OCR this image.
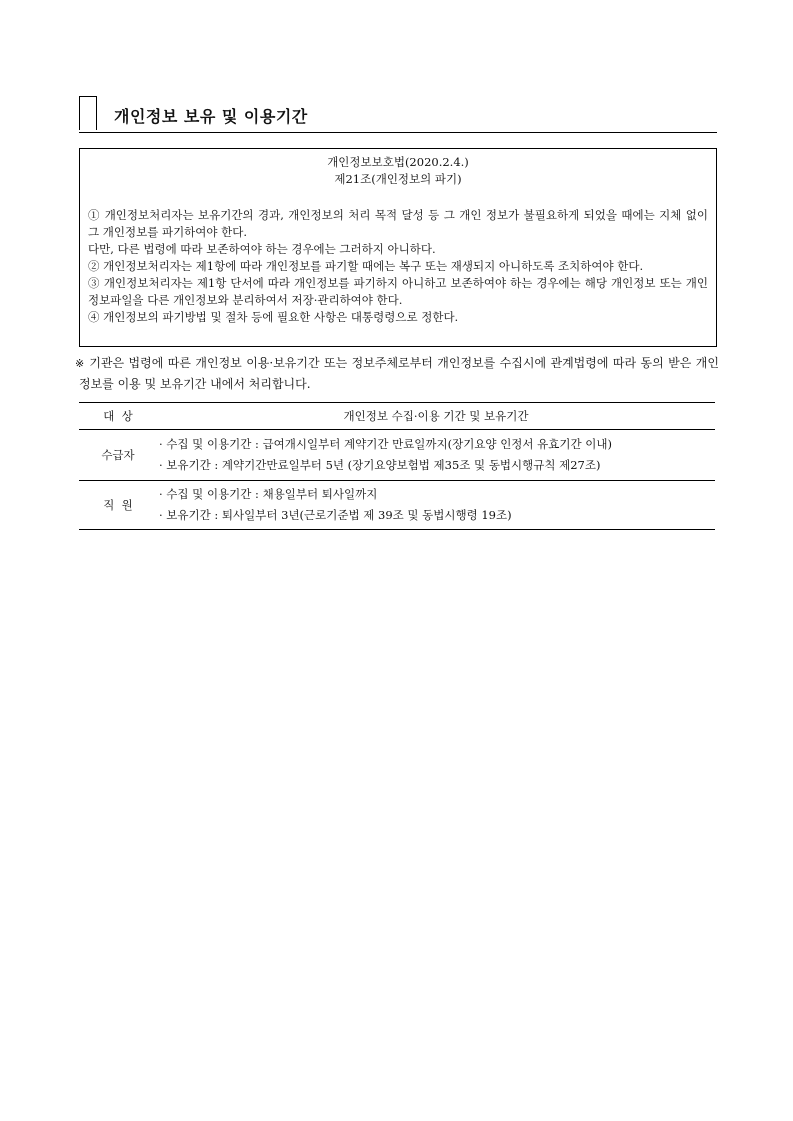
개인정보 보유 및 이용기간
개인정보보호법(2020.2.4.)
제21조(개인정보의 파기)

① 개인정보처리자는 보유기간의 경과, 개인정보의 처리 목적 달성 등 그 개인 정보가 불필요하게 되었을 때에는 지체 없이 그 개인정보를 파기하여야 한다.

다만, 다른 법령에 따라 보존하여야 하는 경우에는 그러하지 아니하다.

② 개인정보처리자는 제1항에 따라 개인정보를 파기할 때에는 복구 또는 재생되지 아니하도록 조치하여야 한다.

③ 개인정보처리자는 제1항 단서에 따라 개인정보를 파기하지 아니하고 보존하여야 하는 경우에는 해당 개인정보 또는 개인정보파일을 다른 개인정보와 분리하여서 저장·관리하여야 한다.

④ 개인정보의 파기방법 및 절차 등에 필요한 사항은 대통령령으로 정한다.

※ 기관은 법령에 따른 개인정보 이용·보유기간 또는 정보주체로부터 개인정보를 수집시에 관계법령에 따라 동의 받은 개인정보를 이용 및 보유기간 내에서 처리합니다.
대  상	개인정보 수집·이용 기간 및 보유기간
수급자	· 수집 및 이용기간 : 급여개시일부터 계약기간 만료일까지(장기요양 인정서 유효기간 이내)
· 보유기간 : 계약기간만료일부터 5년 (장기요양보험법 제35조 및 동법시행규칙 제27조)

직  원	· 수집 및 이용기간 : 채용일부터 퇴사일까지
· 보유기간 : 퇴사일부터 3년(근로기준법 제 39조 및 동법시행령 19조)
